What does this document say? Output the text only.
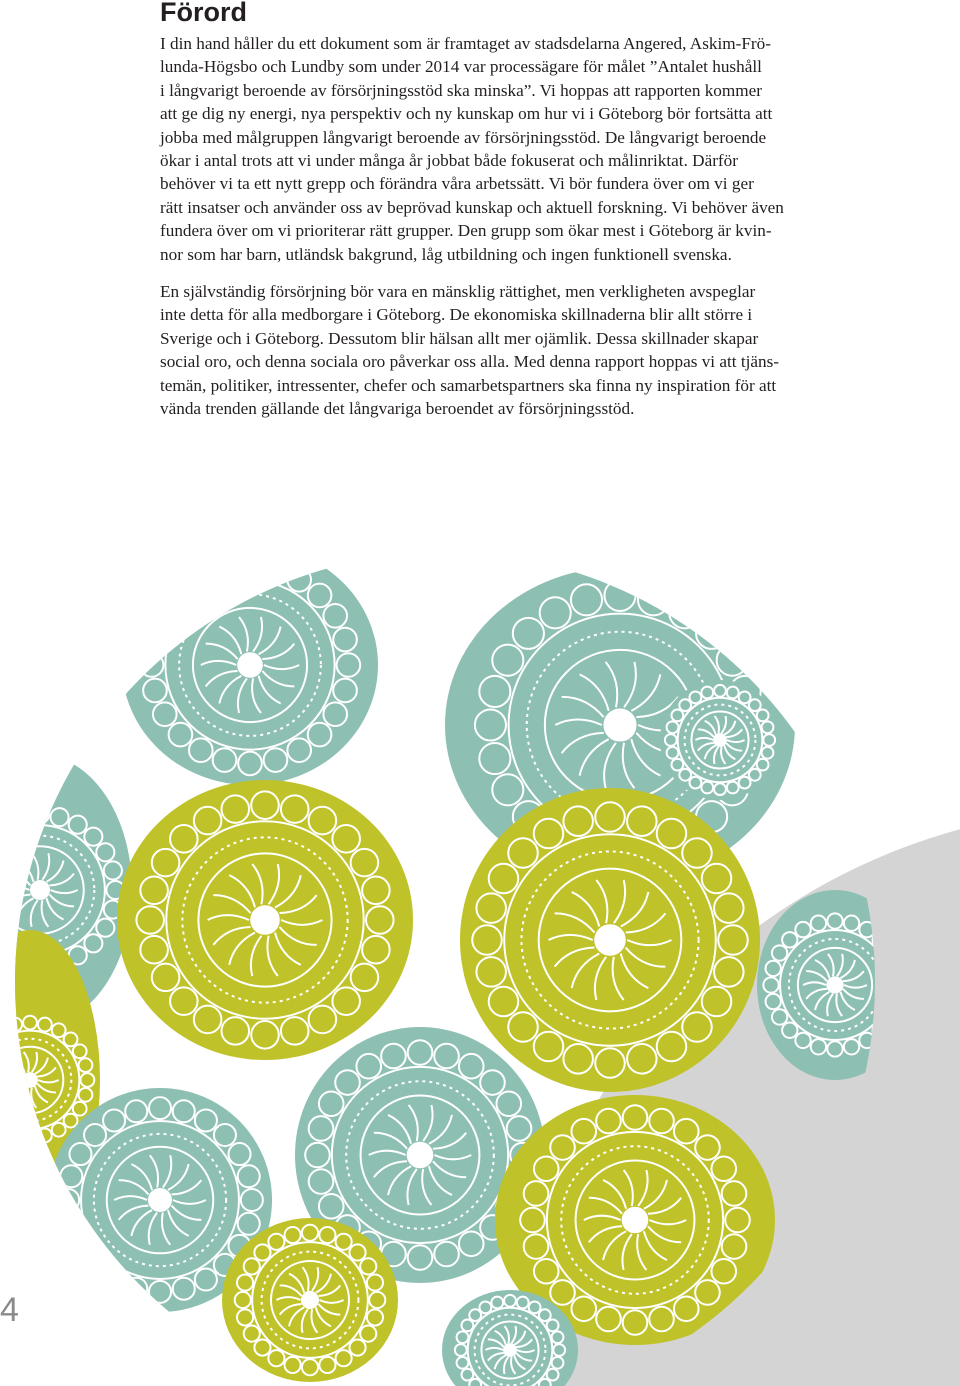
Förord
I din hand håller du ett dokument som är framtaget av stadsdelarna Angered, Askim-Frö-
lunda-Högsbo och Lundby som under 2014 var processägare för målet ”Antalet hushåll
i långvarigt beroende av försörjningsstöd ska minska”. Vi hoppas att rapporten kommer
att ge dig ny energi, nya perspektiv och ny kunskap om hur vi i Göteborg bör fortsätta att
jobba med målgruppen långvarigt beroende av försörjningsstöd. De långvarigt beroende
ökar i antal trots att vi under många år jobbat både fokuserat och målinriktat. Därför
behöver vi ta ett nytt grepp och förändra våra arbetssätt. Vi bör fundera över om vi ger
rätt insatser och använder oss av beprövad kunskap och aktuell forskning. Vi behöver även
fundera över om vi prioriterar rätt grupper. Den grupp som ökar mest i Göteborg är kvin-
nor som har barn, utländsk bakgrund, låg utbildning och ingen funktionell svenska.
En självständig försörjning bör vara en mänsklig rättighet, men verkligheten avspeglar
inte detta för alla medborgare i Göteborg. De ekonomiska skillnaderna blir allt större i
Sverige och i Göteborg. Dessutom blir hälsan allt mer ojämlik. Dessa skillnader skapar
social oro, och denna sociala oro påverkar oss alla. Med denna rapport hoppas vi att tjäns-
temän, politiker, intressenter, chefer och samarbetspartners ska finna ny inspiration för att
vända trenden gällande det långvariga beroendet av försörjningsstöd.
4
